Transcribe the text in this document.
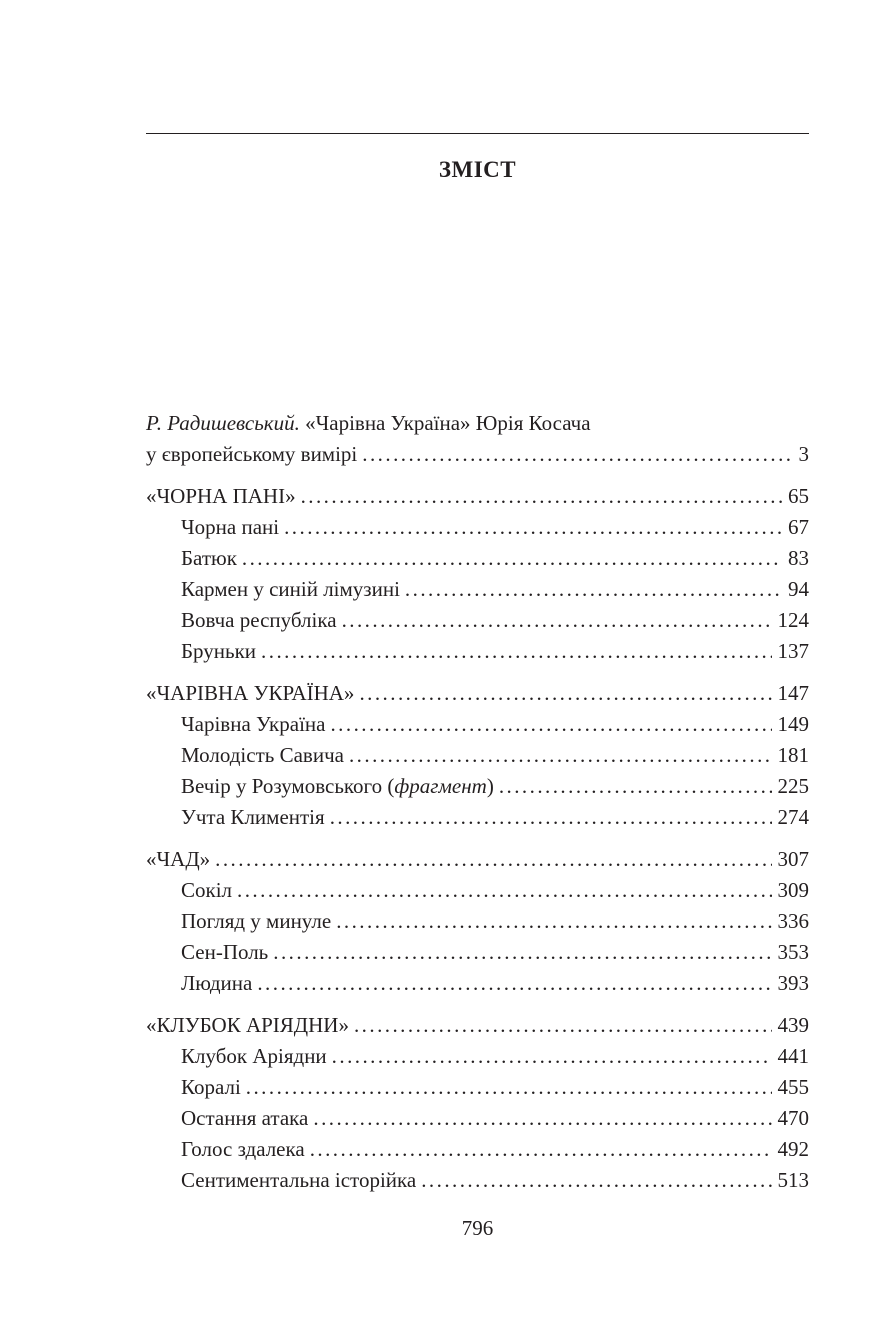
ЗМІСТ
Р. Радишевський. «Чарівна Україна» Юрія Косача
у європейському вимірі . . .	3
«ЧОРНА ПАНІ» . . .	65
Чорна пані . . .	67
Батюк . . .	83
Кармен у синій лімузині . . .	94
Вовча республіка . . .	124
Бруньки . . .	137
«ЧАРІВНА УКРАЇНА» . . .	147
Чарівна Україна . . .	149
Молодість Савича . . .	181
Вечір у Розумовського (фрагмент) . . .	225
Учта Климентія . . .	274
«ЧАД» . . .	307
Сокіл . . .	309
Погляд у минуле . . .	336
Сен-Поль . . .	353
Людина . . .	393
«КЛУБОК АРІЯДНИ» . . .	439
Клубок Аріядни . . .	441
Коралі . . .	455
Остання атака . . .	470
Голос здалека . . .	492
Сентиментальна історійка . . .	513
796
